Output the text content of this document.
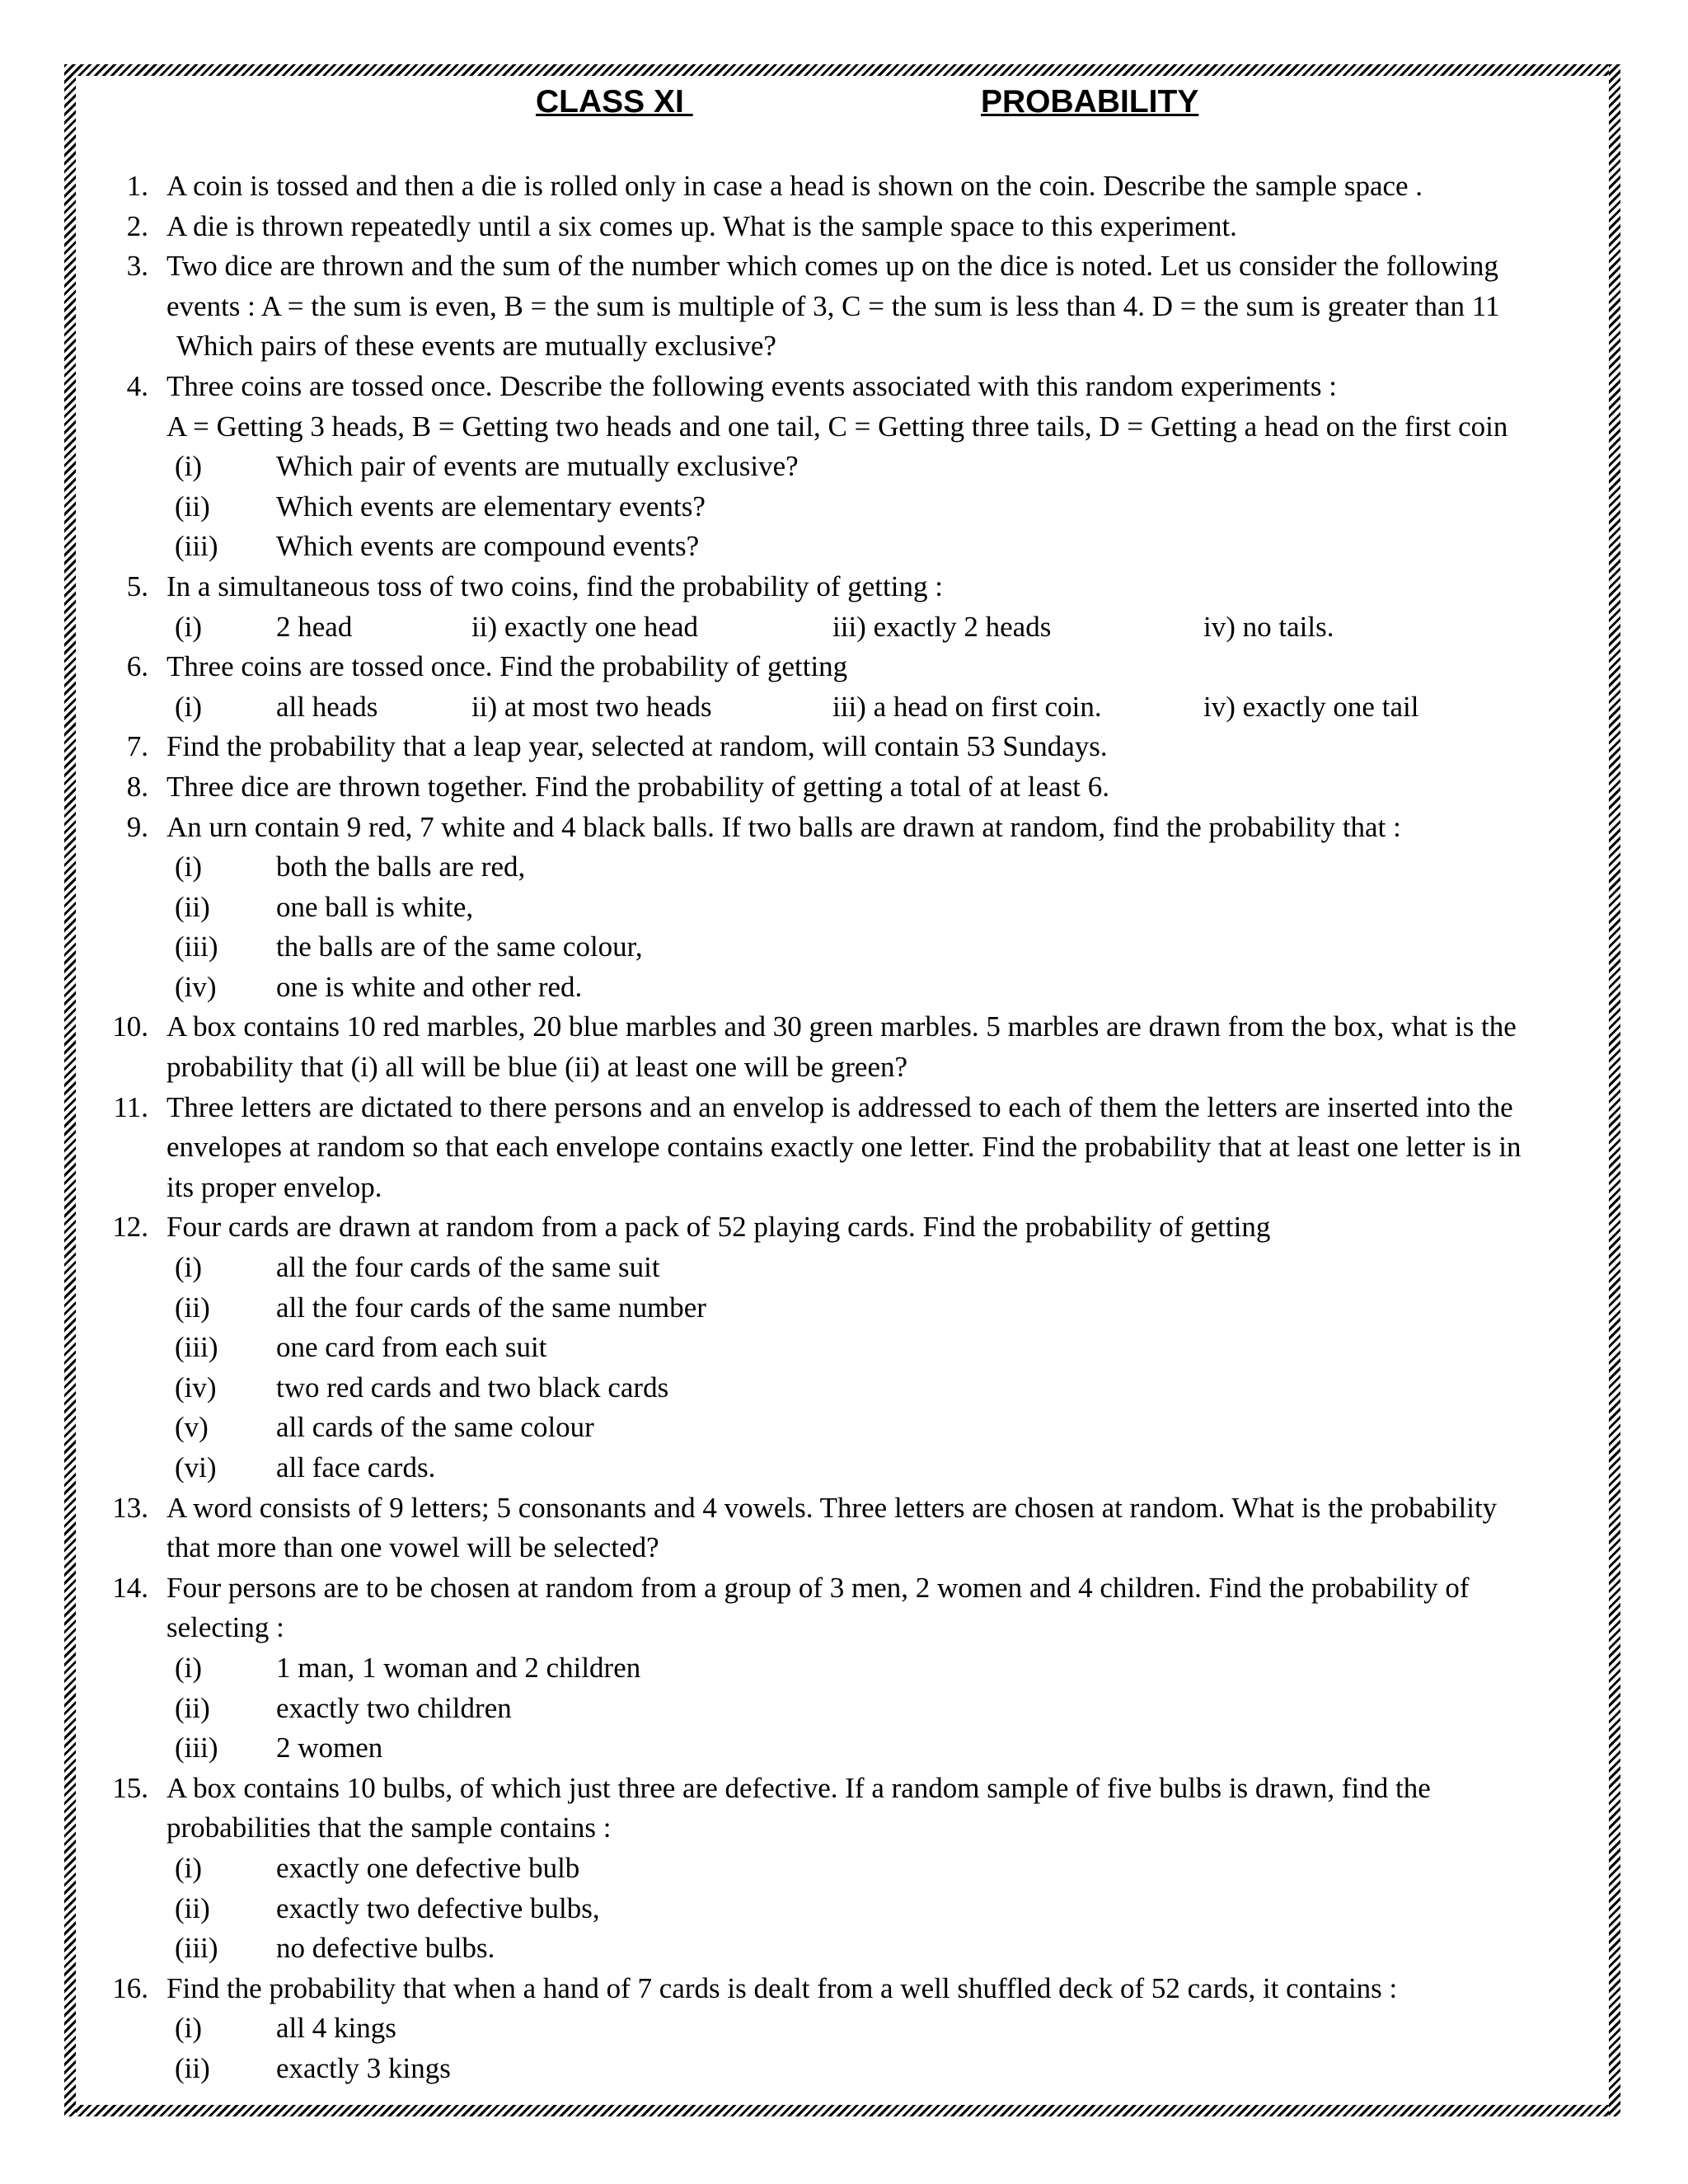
CLASS XI	PROBABILITY
1. A coin is tossed and then a die is rolled only in case a head is shown on the coin. Describe the sample space .
2. A die is thrown repeatedly until a six comes up. What is the sample space to this experiment.
3. Two dice are thrown and the sum of the number which comes up on the dice is noted. Let us consider the following
events : A = the sum is even, B = the sum is multiple of 3, C = the sum is less than 4. D = the sum is greater than 11
Which pairs of these events are mutually exclusive?
4. Three coins are tossed once. Describe the following events associated with this random experiments :
A = Getting 3 heads, B = Getting two heads and one tail, C = Getting three tails, D = Getting a head on the first coin
(i)	Which pair of events are mutually exclusive?
(ii) Which events are elementary events?
(iii) Which events are compound events?
5. In a simultaneous toss of two coins, find the probability of getting :
(i)	2 head	ii) exactly one head	iii) exactly 2 heads	iv) no tails.
6. Three coins are tossed once. Find the probability of getting
(i)	all heads	ii) at most two heads	iii) a head on first coin.	iv) exactly one tail
7. Find the probability that a leap year, selected at random, will contain 53 Sundays.
8. Three dice are thrown together. Find the probability of getting a total of at least 6.
9. An urn contain 9 red, 7 white and 4 black balls. If two balls are drawn at random, find the probability that :
(i)	both the balls are red,
(ii) one ball is white,
(iii) the balls are of the same colour,
(iv) one is white and other red.
10. A box contains 10 red marbles, 20 blue marbles and 30 green marbles. 5 marbles are drawn from the box, what is the
probability that (i) all will be blue (ii) at least one will be green?
11. Three letters are dictated to there persons and an envelop is addressed to each of them the letters are inserted into the
envelopes at random so that each envelope contains exactly one letter. Find the probability that at least one letter is in
its proper envelop.
12. Four cards are drawn at random from a pack of 52 playing cards. Find the probability of getting
(i)	all the four cards of the same suit
(ii) all the four cards of the same number
(iii) one card from each suit
(iv) two red cards and two black cards
(v) all cards of the same colour
(vi) all face cards.
13. A word consists of 9 letters; 5 consonants and 4 vowels. Three letters are chosen at random. What is the probability
that more than one vowel will be selected?
14. Four persons are to be chosen at random from a group of 3 men, 2 women and 4 children. Find the probability of
selecting :
(i)	1 man, 1 woman and 2 children
(ii) exactly two children
(iii) 2 women
15. A box contains 10 bulbs, of which just three are defective. If a random sample of five bulbs is drawn, find the
probabilities that the sample contains :
(i)	exactly one defective bulb
(ii) exactly two defective bulbs,
(iii) no defective bulbs.
16. Find the probability that when a hand of 7 cards is dealt from a well shuffled deck of 52 cards, it contains :
(i)	all 4 kings
(ii) exactly 3 kings
